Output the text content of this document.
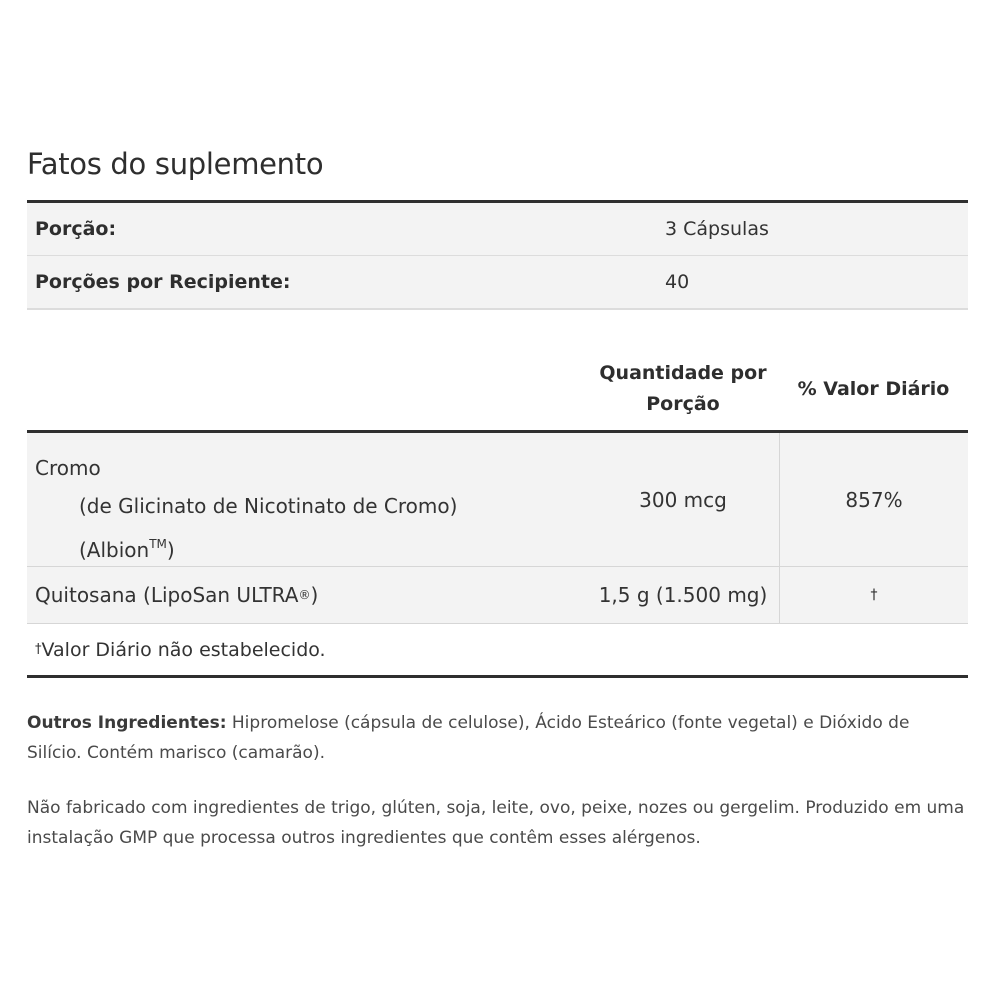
Fatos do suplemento
Porção:	3 Cápsulas
Porções por Recipiente:	40
Quantidade por
Porção
% Valor Diário
Cromo
(de Glicinato de Nicotinato de Cromo)
(Albion™)
300 mcg	857%
Quitosana (LipoSan ULTRA ® )	1,5 g (1.500 mg)	†
† Valor Diário não estabelecido.

Outros Ingredientes: Hipromelose (cápsula de celulose), Ácido Esteárico (fonte vegetal) e Dióxido de Silício. Contém marisco (camarão).

Não fabricado com ingredientes de trigo, glúten, soja, leite, ovo, peixe, nozes ou gergelim. Produzido em uma instalação GMP que processa outros ingredientes que contêm esses alérgenos.
